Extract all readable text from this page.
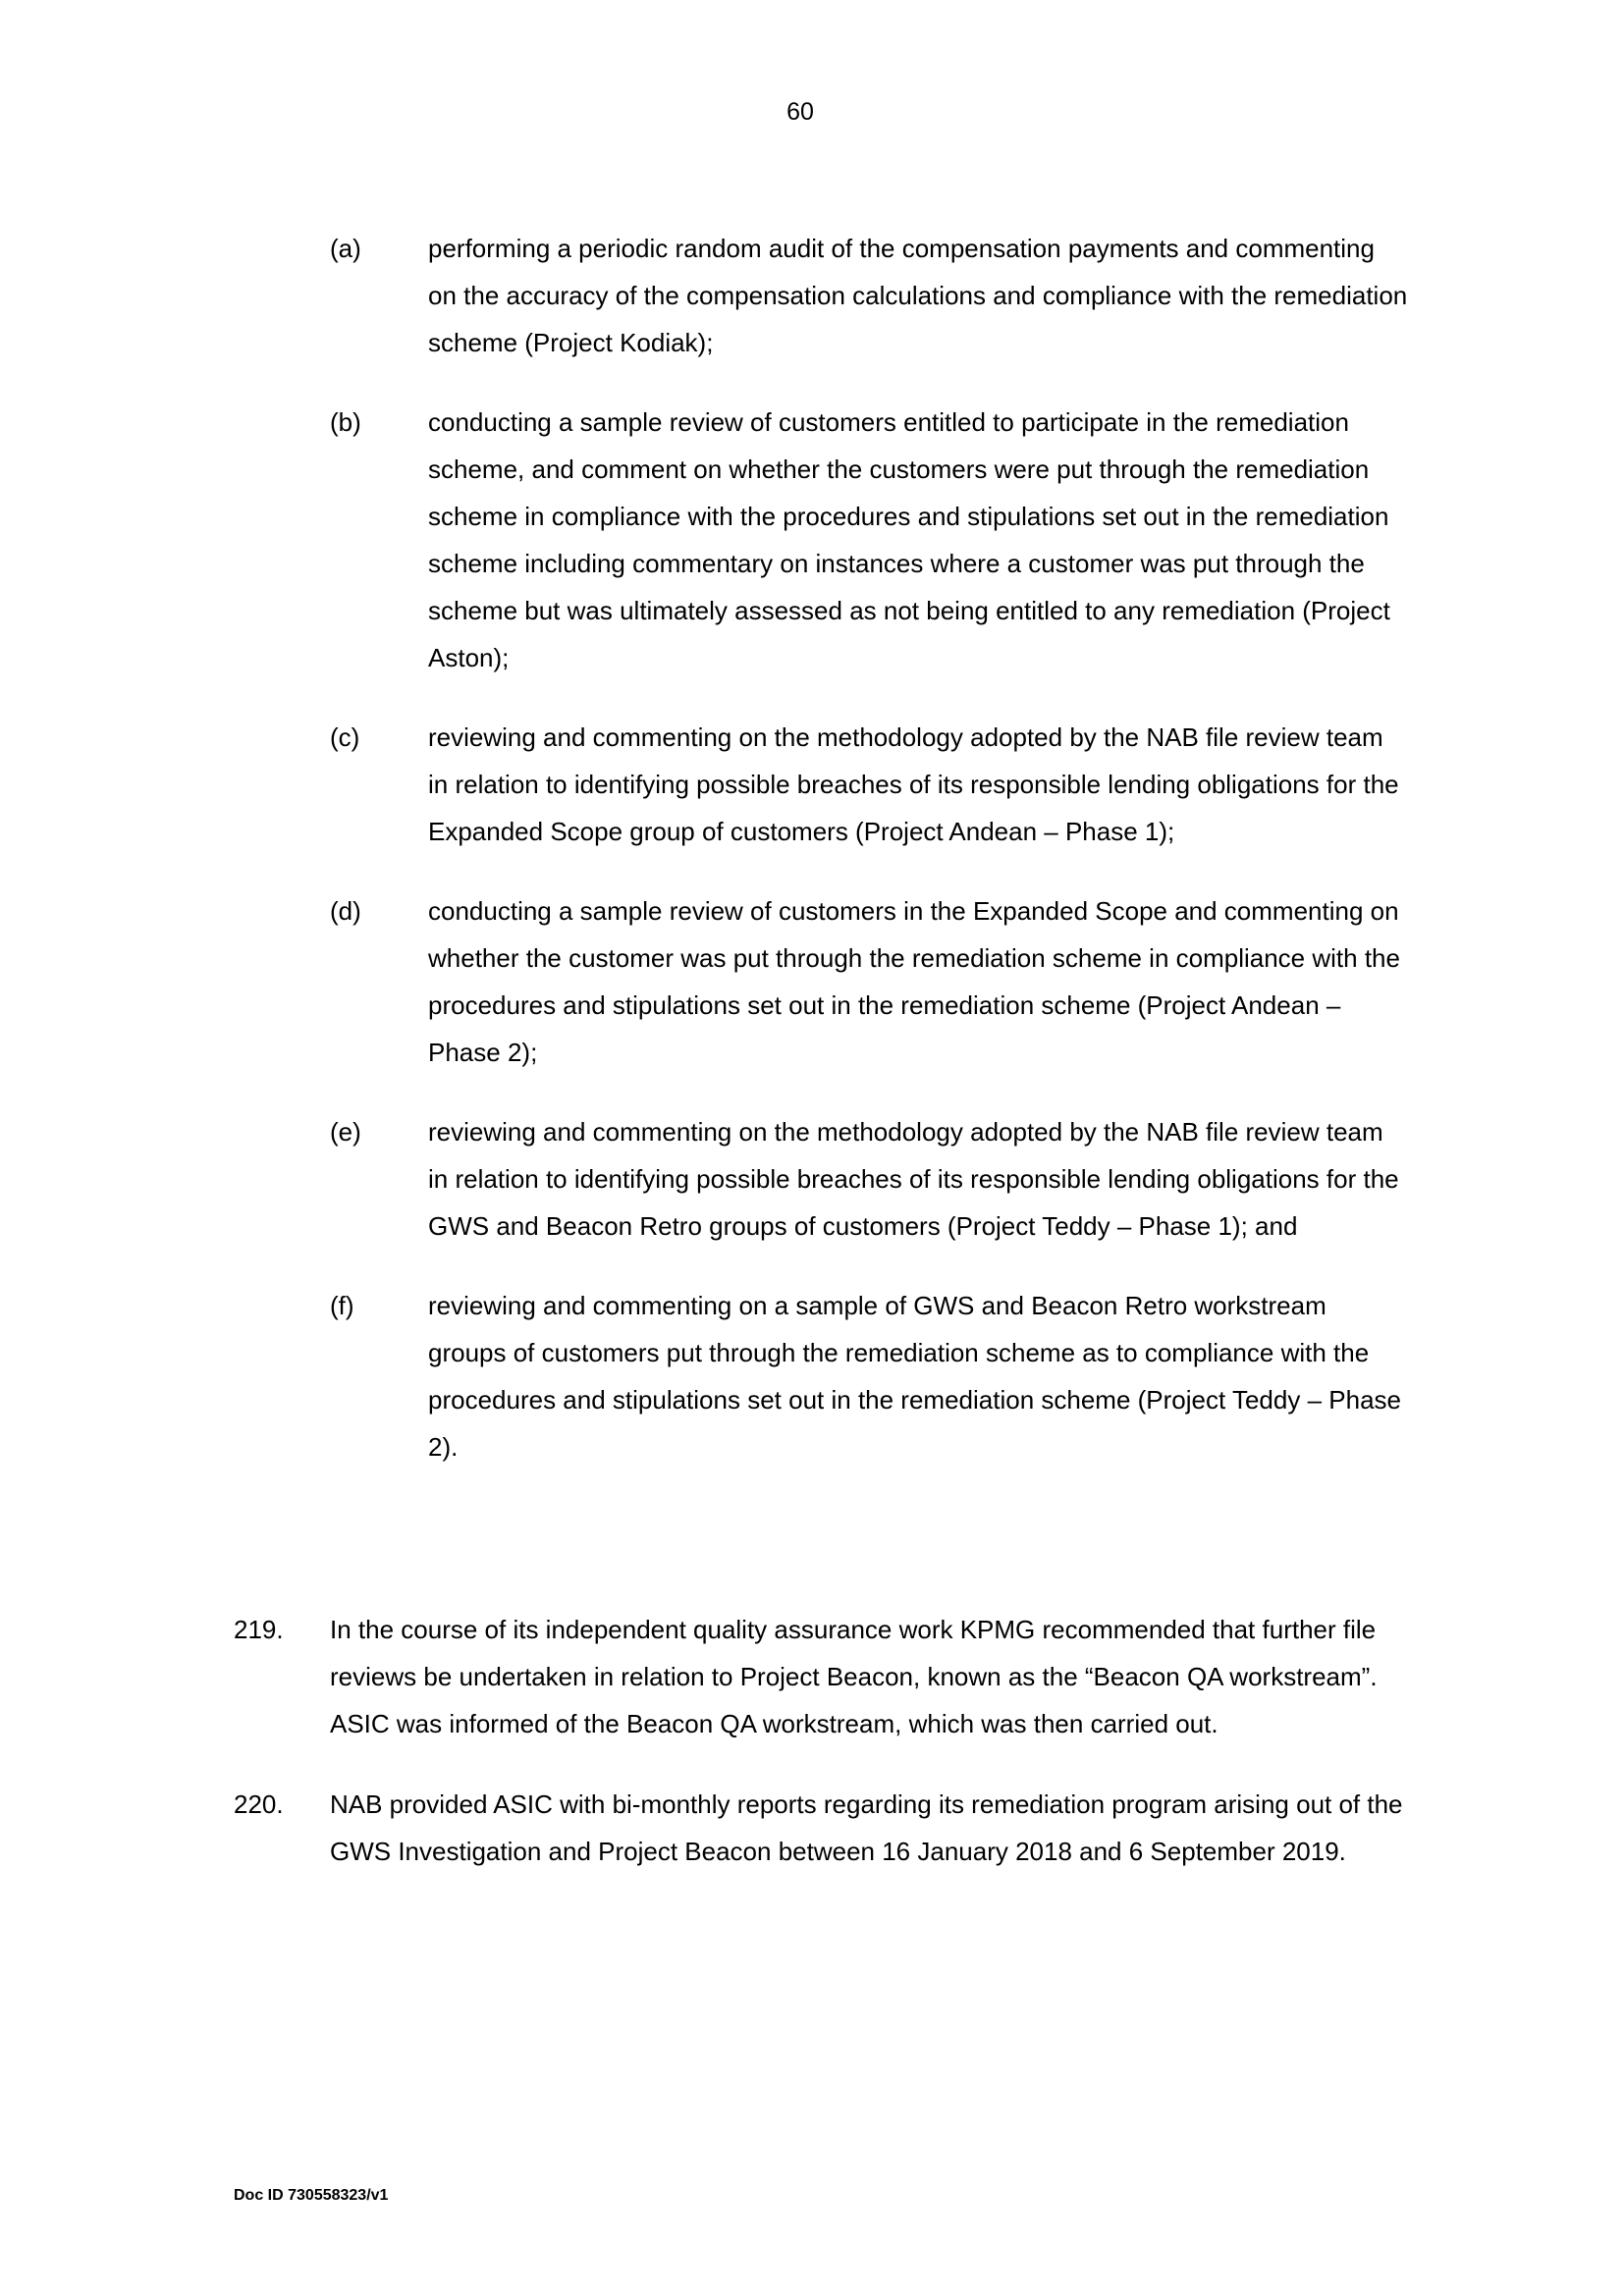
60
(a)	performing a periodic random audit of the compensation payments and commenting on the accuracy of the compensation calculations and compliance with the remediation scheme (Project Kodiak);
(b)	conducting a sample review of customers entitled to participate in the remediation scheme, and comment on whether the customers were put through the remediation scheme in compliance with the procedures and stipulations set out in the remediation scheme including commentary on instances where a customer was put through the scheme but was ultimately assessed as not being entitled to any remediation (Project Aston);
(c)	reviewing and commenting on the methodology adopted by the NAB file review team in relation to identifying possible breaches of its responsible lending obligations for the Expanded Scope group of customers (Project Andean – Phase 1);
(d)	conducting a sample review of customers in the Expanded Scope and commenting on whether the customer was put through the remediation scheme in compliance with the procedures and stipulations set out in the remediation scheme (Project Andean – Phase 2);
(e)	reviewing and commenting on the methodology adopted by the NAB file review team in relation to identifying possible breaches of its responsible lending obligations for the GWS and Beacon Retro groups of customers (Project Teddy – Phase 1); and
(f)	reviewing and commenting on a sample of GWS and Beacon Retro workstream groups of customers put through the remediation scheme as to compliance with the procedures and stipulations set out in the remediation scheme (Project Teddy – Phase 2).
219.	In the course of its independent quality assurance work KPMG recommended that further file reviews be undertaken in relation to Project Beacon, known as the “Beacon QA workstream”. ASIC was informed of the Beacon QA workstream, which was then carried out.
220.	NAB provided ASIC with bi-monthly reports regarding its remediation program arising out of the GWS Investigation and Project Beacon between 16 January 2018 and 6 September 2019.
Doc ID 730558323/v1
